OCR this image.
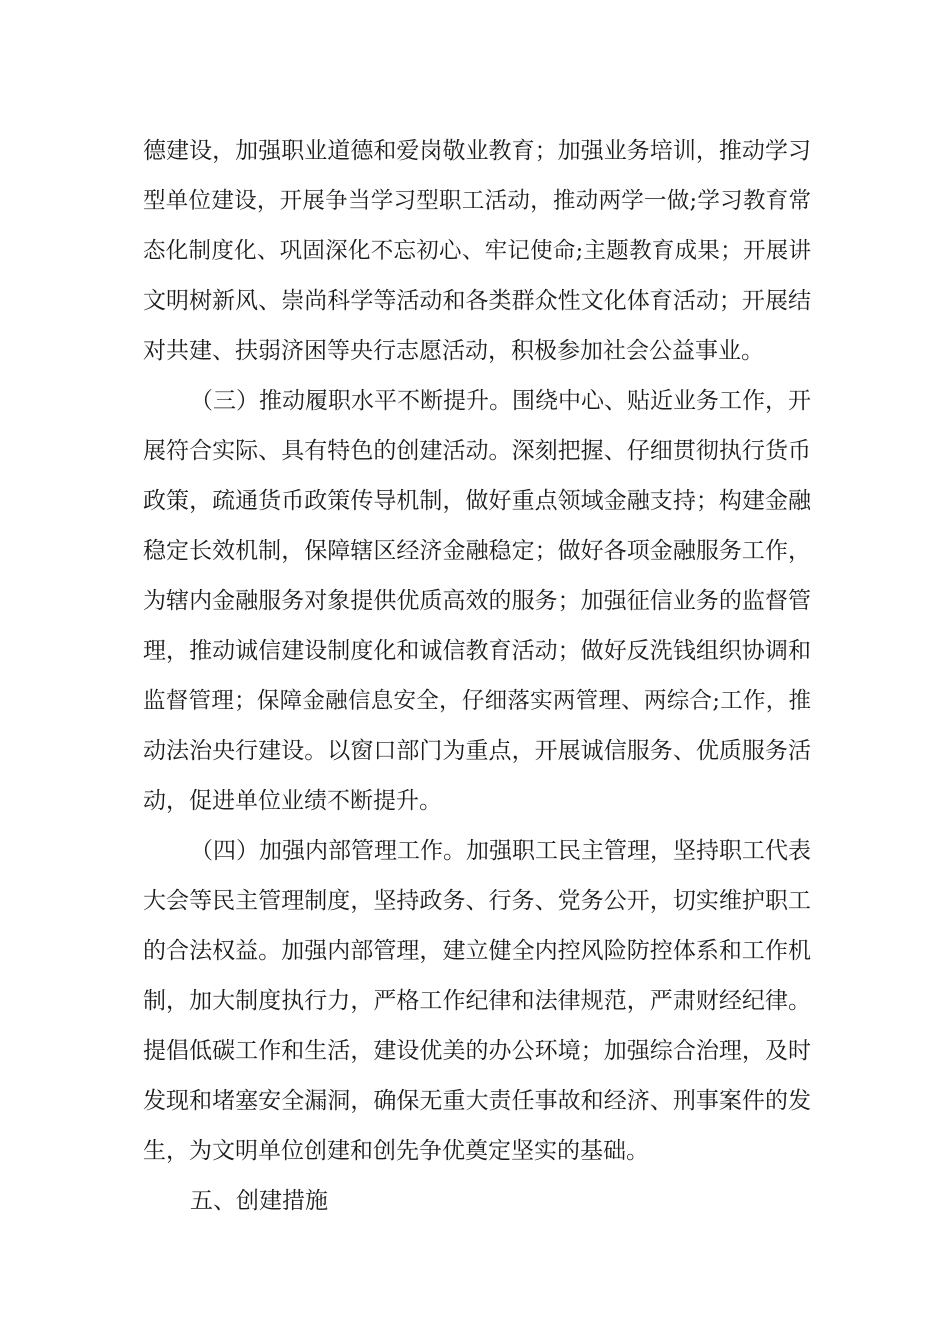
德建设，加强职业道德和爱岗敬业教育；加强业务培训，推动学习
型单位建设，开展争当学习型职工活动，推动两学一做;学习教育常
态化制度化、巩固深化不忘初心、牢记使命;主题教育成果；开展讲
文明树新风、崇尚科学等活动和各类群众性文化体育活动；开展结
对共建、扶弱济困等央行志愿活动，积极参加社会公益事业。
（三）推动履职水平不断提升。围绕中心、贴近业务工作，开
展符合实际、具有特色的创建活动。深刻把握、仔细贯彻执行货币
政策，疏通货币政策传导机制，做好重点领域金融支持；构建金融
稳定长效机制，保障辖区经济金融稳定；做好各项金融服务工作，
为辖内金融服务对象提供优质高效的服务；加强征信业务的监督管
理，推动诚信建设制度化和诚信教育活动；做好反洗钱组织协调和
监督管理；保障金融信息安全，仔细落实两管理、两综合;工作，推
动法治央行建设。以窗口部门为重点，开展诚信服务、优质服务活
动，促进单位业绩不断提升。
（四）加强内部管理工作。加强职工民主管理，坚持职工代表
大会等民主管理制度，坚持政务、行务、党务公开，切实维护职工
的合法权益。加强内部管理，建立健全内控风险防控体系和工作机
制，加大制度执行力，严格工作纪律和法律规范，严肃财经纪律。
提倡低碳工作和生活，建设优美的办公环境；加强综合治理，及时
发现和堵塞安全漏洞，确保无重大责任事故和经济、刑事案件的发
生，为文明单位创建和创先争优奠定坚实的基础。
五、创建措施
